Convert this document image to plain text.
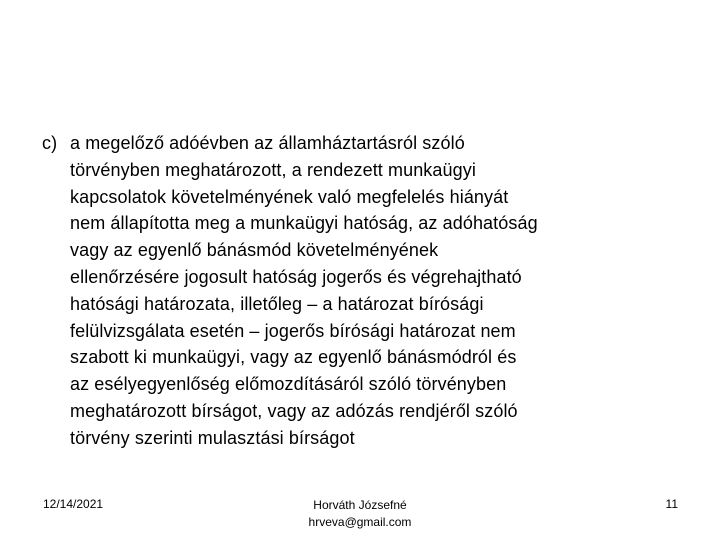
c) a megelőző adóévben az államháztartásról szóló
törvényben meghatározott, a rendezett munkaügyi
kapcsolatok követelményének való megfelelés hiányát
nem állapította meg a munkaügyi hatóság, az adóhatóság
vagy az egyenlő bánásmód követelményének
ellenőrzésére jogosult hatóság jogerős és végrehajtható
hatósági határozata, illetőleg – a határozat bírósági
felülvizsgálata esetén – jogerős bírósági határozat nem
szabott ki munkaügyi, vagy az egyenlő bánásmódról és
az esélyegyenlőség előmozdításáról szóló törvényben
meghatározott bírságot, vagy az adózás rendjéről szóló
törvény szerinti mulasztási bírságot
12/14/2021	Horváth Józsefné
hrveva@gmail.com
11
